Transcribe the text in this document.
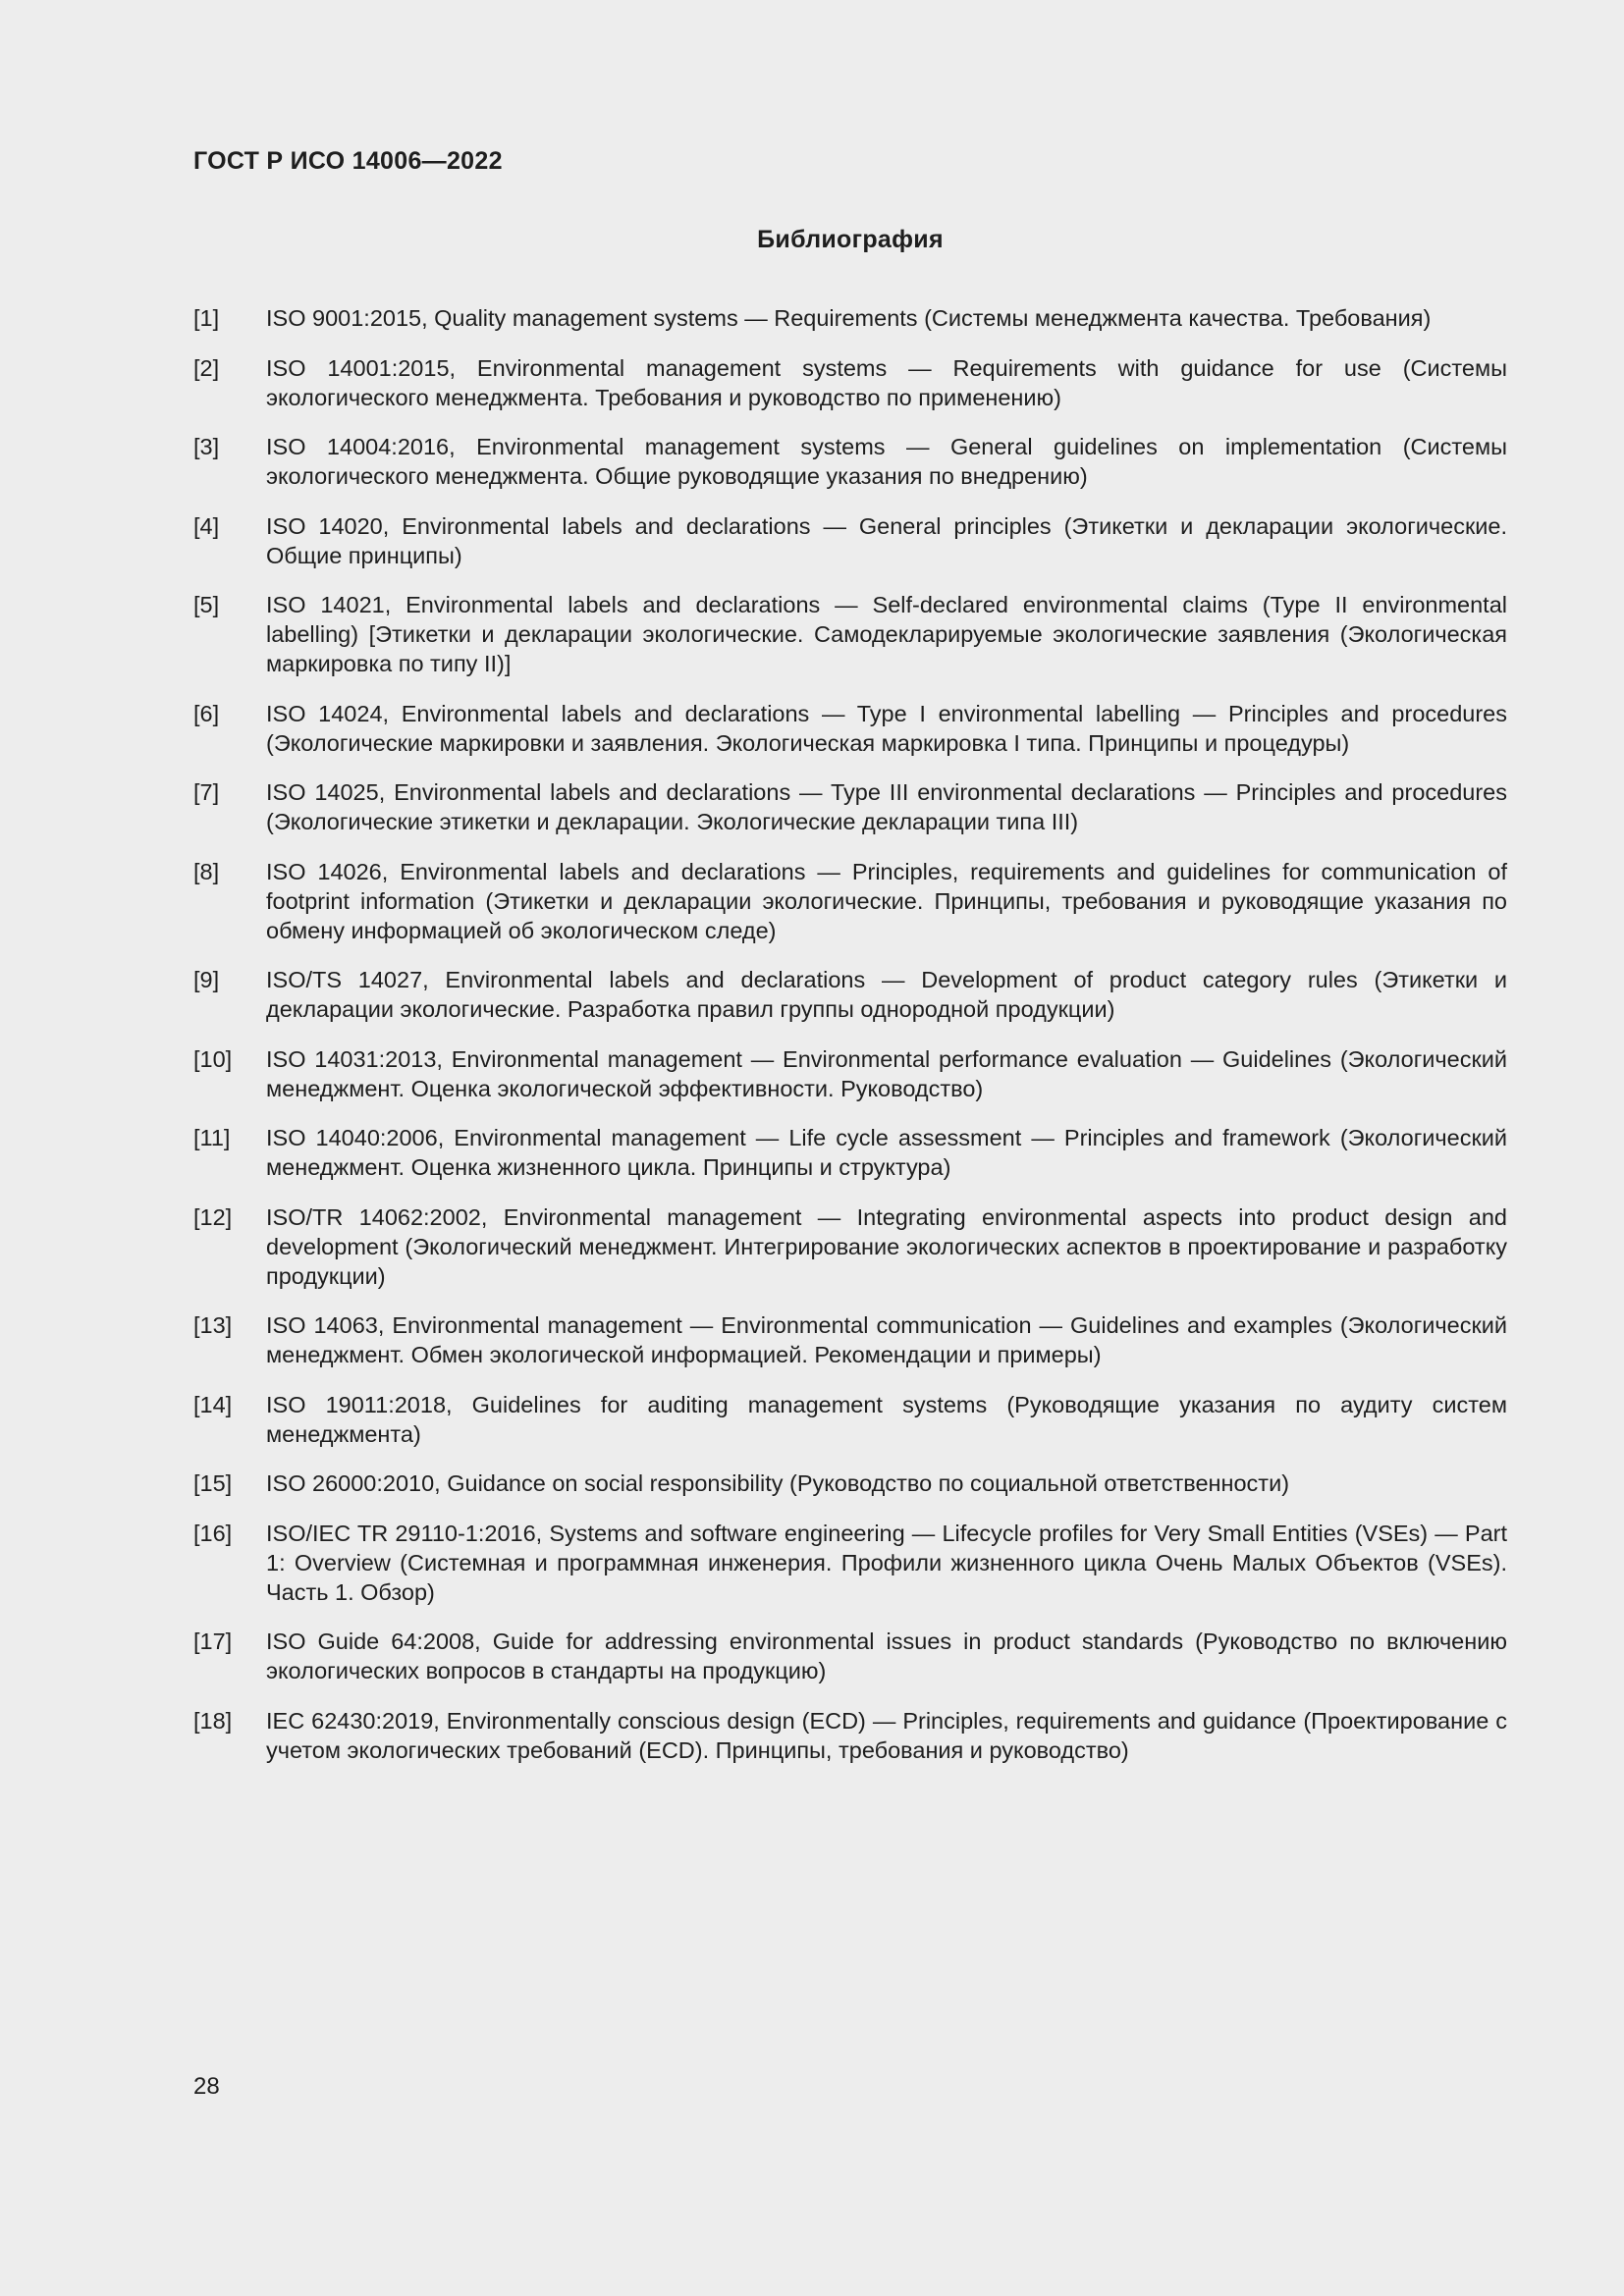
ГОСТ Р ИСО 14006—2022
Библиография
[1] ISO 9001:2015, Quality management systems — Requirements (Системы менеджмента качества. Требования)
[2] ISO 14001:2015, Environmental management systems — Requirements with guidance for use (Системы экологического менеджмента. Требования и руководство по применению)
[3] ISO 14004:2016, Environmental management systems — General guidelines on implementation (Системы экологического менеджмента. Общие руководящие указания по внедрению)
[4] ISO 14020, Environmental labels and declarations — General principles (Этикетки и декларации экологические. Общие принципы)
[5] ISO 14021, Environmental labels and declarations — Self-declared environmental claims (Type II environmental labelling) [Этикетки и декларации экологические. Самодекларируемые экологические заявления (Экологическая маркировка по типу II)]
[6] ISO 14024, Environmental labels and declarations — Type I environmental labelling — Principles and procedures (Экологические маркировки и заявления. Экологическая маркировка I типа. Принципы и процедуры)
[7] ISO 14025, Environmental labels and declarations — Type III environmental declarations — Principles and procedures (Экологические этикетки и декларации. Экологические декларации типа III)
[8] ISO 14026, Environmental labels and declarations — Principles, requirements and guidelines for communication of footprint information (Этикетки и декларации экологические. Принципы, требования и руководящие указания по обмену информацией об экологическом следе)
[9] ISO/TS 14027, Environmental labels and declarations — Development of product category rules (Этикетки и декларации экологические. Разработка правил группы однородной продукции)
[10] ISO 14031:2013, Environmental management — Environmental performance evaluation — Guidelines (Экологический менеджмент. Оценка экологической эффективности. Руководство)
[11] ISO 14040:2006, Environmental management — Life cycle assessment — Principles and framework (Экологический менеджмент. Оценка жизненного цикла. Принципы и структура)
[12] ISO/TR 14062:2002, Environmental management — Integrating environmental aspects into product design and development (Экологический менеджмент. Интегрирование экологических аспектов в проектирование и разработку продукции)
[13] ISO 14063, Environmental management — Environmental communication — Guidelines and examples (Экологический менеджмент. Обмен экологической информацией. Рекомендации и примеры)
[14] ISO 19011:2018, Guidelines for auditing management systems (Руководящие указания по аудиту систем менеджмента)
[15] ISO 26000:2010, Guidance on social responsibility (Руководство по социальной ответственности)
[16] ISO/IEC TR 29110-1:2016, Systems and software engineering — Lifecycle profiles for Very Small Entities (VSEs) — Part 1: Overview (Системная и программная инженерия. Профили жизненного цикла Очень Малых Объектов (VSEs). Часть 1. Обзор)
[17] ISO Guide 64:2008, Guide for addressing environmental issues in product standards (Руководство по включению экологических вопросов в стандарты на продукцию)
[18] IEC 62430:2019, Environmentally conscious design (ECD) — Principles, requirements and guidance (Проектирование с учетом экологических требований (ECD). Принципы, требования и руководство)
28
